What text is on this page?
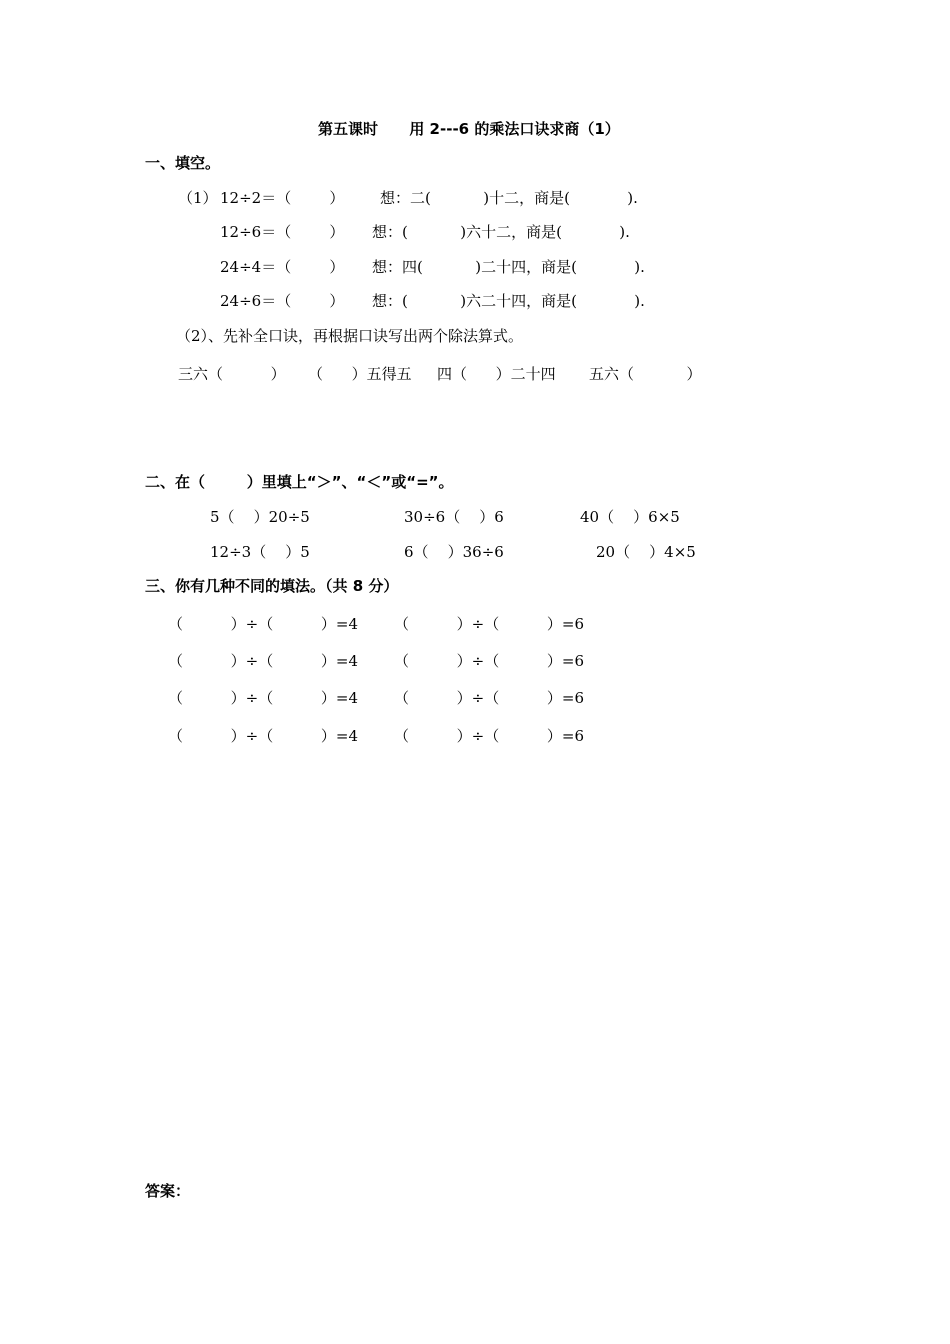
第五课时      用 2---6 的乘法口诀求商（1）
一、填空。
（1） 12÷2＝（        ） 想：二(           )十二，商是(            ).
12÷6＝（        ） 想：(           )六十二，商是(            ).
24÷4＝（        ） 想：四(           )二十四，商是(            ).
24÷6＝（        ） 想：(           )六二十四，商是(            ).
（2）、先补全口诀，再根据口诀写出两个除法算式。
三六（          ） （      ）五得五 四（      ）二十四 五六（           ）
二、在（        ）里填上“＞”、“＜”或“=”。
5（    ）20÷5	30÷6（    ）6	40（    ）6×5
12÷3（    ）5	6（    ）36÷6	20（    ）4×5
三、你有几种不同的填法。（共 8 分）
（          ）÷（          ）=4 （          ）÷（          ）=6
（          ）÷（          ）=4 （          ）÷（          ）=6
（          ）÷（          ）=4 （          ）÷（          ）=6
（          ）÷（          ）=4 （          ）÷（          ）=6
答案：
